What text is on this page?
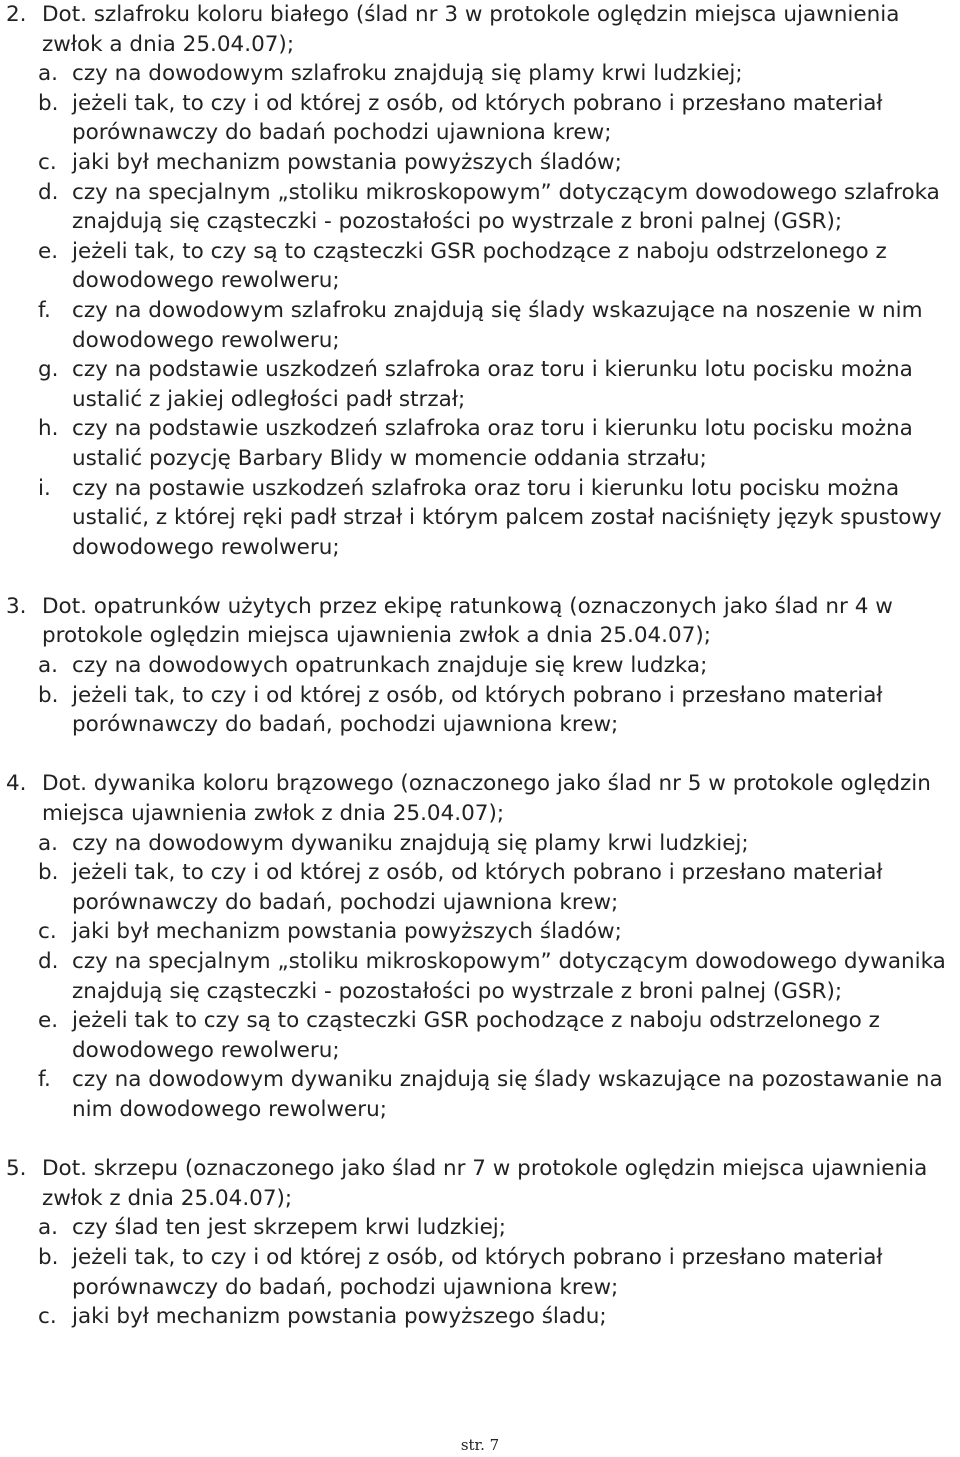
2. Dot. szlafroku koloru białego (ślad nr 3 w protokole oględzin miejsca ujawnienia zwłok a dnia 25.04.07);
a. czy na dowodowym szlafroku znajdują się plamy krwi ludzkiej;
b. jeżeli tak, to czy i od której z osób, od których pobrano i przesłano materiał porównawczy do badań pochodzi ujawniona krew;
c. jaki był mechanizm powstania powyższych śladów;
d. czy na specjalnym „stoliku mikroskopowym” dotyczącym dowodowego szlafroka znajdują się cząsteczki - pozostałości po wystrzale z broni palnej (GSR);
e. jeżeli tak, to czy są to cząsteczki GSR pochodzące z naboju odstrzelonego z dowodowego rewolweru;
f. czy na dowodowym szlafroku znajdują się ślady wskazujące na noszenie w nim dowodowego rewolweru;
g. czy na podstawie uszkodzeń szlafroka oraz toru i kierunku lotu pocisku można ustalić z jakiej odległości padł strzał;
h. czy na podstawie uszkodzeń szlafroka oraz toru i kierunku lotu pocisku można ustalić pozycję Barbary Blidy w momencie oddania strzału;
i. czy na postawie uszkodzeń szlafroka oraz toru i kierunku lotu pocisku można ustalić, z której ręki padł strzał i którym palcem został naciśnięty język spustowy dowodowego rewolweru;
3. Dot. opatrunków użytych przez ekipę ratunkową (oznaczonych jako ślad nr 4 w protokole oględzin miejsca ujawnienia zwłok a dnia 25.04.07);
a. czy na dowodowych opatrunkach znajduje się krew ludzka;
b. jeżeli tak, to czy i od której z osób, od których pobrano i przesłano materiał porównawczy do badań, pochodzi ujawniona krew;
4. Dot. dywanika koloru brązowego (oznaczonego jako ślad nr 5 w protokole oględzin miejsca ujawnienia zwłok z dnia 25.04.07);
a. czy na dowodowym dywaniku znajdują się plamy krwi ludzkiej;
b. jeżeli tak, to czy i od której z osób, od których pobrano i przesłano materiał porównawczy do badań, pochodzi ujawniona krew;
c. jaki był mechanizm powstania powyższych śladów;
d. czy na specjalnym „stoliku mikroskopowym” dotyczącym dowodowego dywanika znajdują się cząsteczki - pozostałości po wystrzale z broni palnej (GSR);
e. jeżeli tak to czy są to cząsteczki GSR pochodzące z naboju odstrzelonego z dowodowego rewolweru;
f. czy na dowodowym dywaniku znajdują się ślady wskazujące na pozostawanie na nim dowodowego rewolweru;
5. Dot. skrzepu (oznaczonego jako ślad nr 7 w protokole oględzin miejsca ujawnienia zwłok z dnia 25.04.07);
a. czy ślad ten jest skrzepem krwi ludzkiej;
b. jeżeli tak, to czy i od której z osób, od których pobrano i przesłano materiał porównawczy do badań, pochodzi ujawniona krew;
c. jaki był mechanizm powstania powyższego śladu;
str. 7
